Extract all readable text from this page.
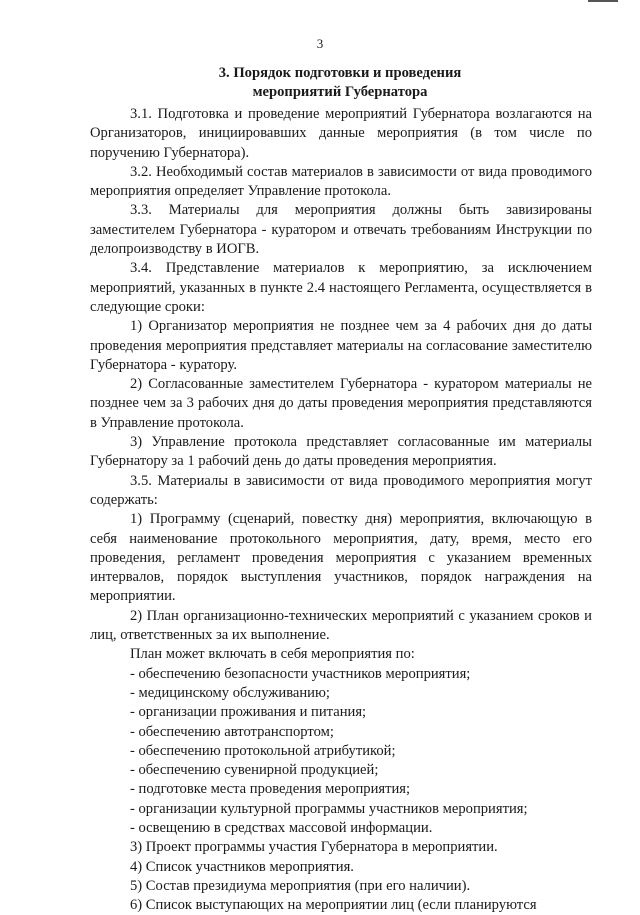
3
3. Порядок подготовки и проведения
мероприятий Губернатора

3.1. Подготовка и проведение мероприятий Губернатора возлагаются на Организаторов, инициировавших данные мероприятия (в том числе по поручению Губернатора).

3.2. Необходимый состав материалов в зависимости от вида проводимого мероприятия определяет Управление протокола.

3.3. Материалы для мероприятия должны быть завизированы заместителем Губернатора - куратором и отвечать требованиям Инструкции по делопроизводству в ИОГВ.

3.4. Представление материалов к мероприятию, за исключением мероприятий, указанных в пункте 2.4 настоящего Регламента, осуществляется в следующие сроки:

1) Организатор мероприятия не позднее чем за 4 рабочих дня до даты проведения мероприятия представляет материалы на согласование заместителю Губернатора - куратору.

2) Согласованные заместителем Губернатора - куратором материалы не позднее чем за 3 рабочих дня до даты проведения мероприятия представляются в Управление протокола.

3) Управление протокола представляет согласованные им материалы Губернатору за 1 рабочий день до даты проведения мероприятия.

3.5. Материалы в зависимости от вида проводимого мероприятия могут содержать:

1) Программу (сценарий, повестку дня) мероприятия, включающую в себя наименование протокольного мероприятия, дату, время, место его проведения, регламент проведения мероприятия с указанием временных интервалов, порядок выступления участников, порядок награждения на мероприятии.

2) План организационно-технических мероприятий с указанием сроков и лиц, ответственных за их выполнение.

План может включать в себя мероприятия по:

- обеспечению безопасности участников мероприятия;

- медицинскому обслуживанию;

- организации проживания и питания;

- обеспечению автотранспортом;

- обеспечению протокольной атрибутикой;

- обеспечению сувенирной продукцией;

- подготовке места проведения мероприятия;

- организации культурной программы участников мероприятия;

- освещению в средствах массовой информации.

3) Проект программы участия Губернатора в мероприятии.

4) Список участников мероприятия.

5) Состав президиума мероприятия (при его наличии).

6) Список выступающих на мероприятии лиц (если планируются
